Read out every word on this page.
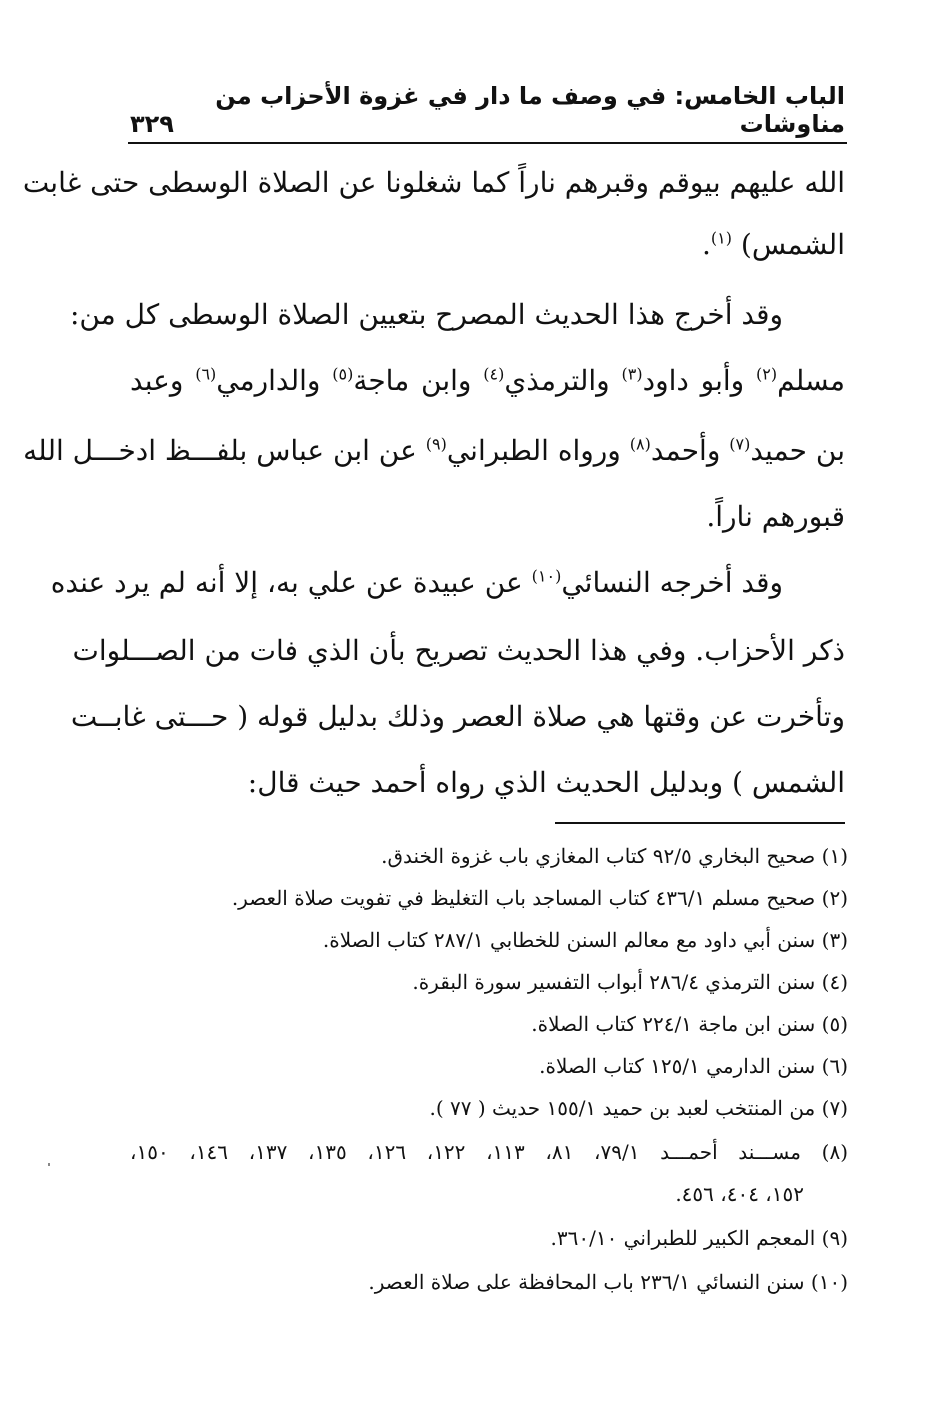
الباب الخامس: في وصف ما دار في غزوة الأحزاب من مناوشات
٣٢٩
الله عليهم بيوقم وقبرهم ناراً كما شغلونا عن الصلاة الوسطى حتى غابت
الشمس) $^{(١)}$.
وقد أخرج هذا الحديث المصرح بتعيين الصلاة الوسطى كل من:
مسلم$^{(٢)}$ وأبو داود$^{(٣)}$ والترمذي$^{(٤)}$ وابن ماجة$^{(٥)}$ والدارمي$^{(٦)}$ وعبد
بن حميد$^{(٧)}$ وأحمد$^{(٨)}$ ورواه الطبراني$^{(٩)}$ عن ابن عباس بلفـــظ ادخـــل الله
قبورهم ناراً.
وقد أخرجه النسائي$^{(١٠)}$ عن عبيدة عن علي به، إلا أنه لم يرد عنده
ذكر الأحزاب. وفي هذا الحديث تصريح بأن الذي فات من الصـــلوات
وتأخرت عن وقتها هي صلاة العصر وذلك بدليل قوله ( حـــتى غابــت
الشمس ) وبدليل الحديث الذي رواه أحمد حيث قال:
(١) صحيح البخاري ٩٢/٥ كتاب المغازي باب غزوة الخندق.
(٢) صحيح مسلم ٤٣٦/١ كتاب المساجد باب التغليظ في تفويت صلاة العصر.
(٣) سنن أبي داود مع معالم السنن للخطابي ٢٨٧/١ كتاب الصلاة.
(٤) سنن الترمذي ٢٨٦/٤ أبواب التفسير سورة البقرة.
(٥) سنن ابن ماجة ٢٢٤/١ كتاب الصلاة.
(٦) سنن الدارمي ١٢٥/١ كتاب الصلاة.
(٧) من المنتخب لعبد بن حميد ١٥٥/١ حديث ( ٧٧ ).
(٨) مســـند أحمـــد ٧٩/١، ٨١، ١١٣، ١٢٢، ١٢٦، ١٣٥، ١٣٧، ١٤٦، ١٥٠،
١٥٢، ٤٠٤، ٤٥٦.
(٩) المعجم الكبير للطبراني ٣٦٠/١٠.
(١٠) سنن النسائي ٢٣٦/١ باب المحافظة على صلاة العصر.
